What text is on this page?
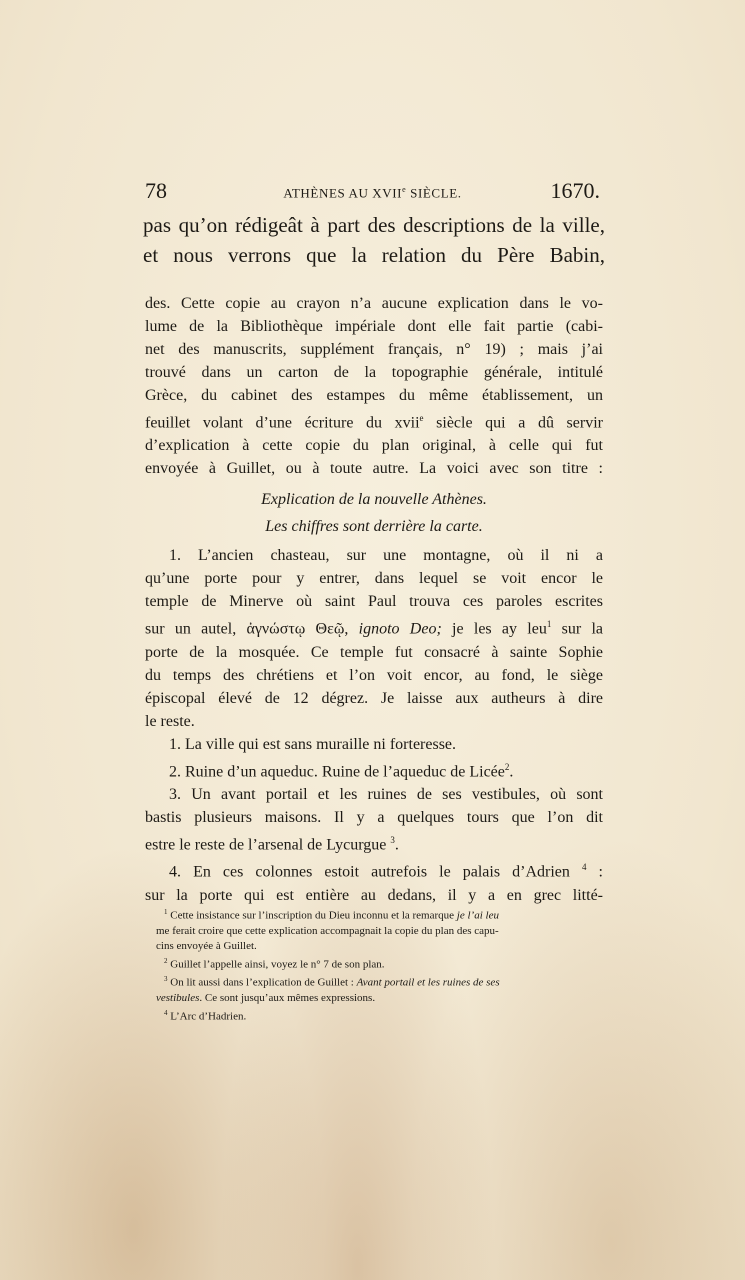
78	ATHÈNES AU XVIIe SIÈCLE.	1670.
pas qu’on rédigeât à part des descriptions de la ville,
et nous verrons que la relation du Père Babin,
des. Cette copie au crayon n’a aucune explication dans le vo-
lume de la Bibliothèque impériale dont elle fait partie (cabi-
net des manuscrits, supplément français, n° 19) ; mais j’ai
trouvé dans un carton de la topographie générale, intitulé
Grèce, du cabinet des estampes du même établissement, un
feuillet volant d’une écriture du xvii$^e$ siècle qui a dû servir
d’explication à cette copie du plan original, à celle qui fut
envoyée à Guillet, ou à toute autre. La voici avec son titre :
Explication de la nouvelle Athènes.
Les chiffres sont derrière la carte.
1. L’ancien chasteau, sur une montagne, où il ni a
qu’une porte pour y entrer, dans lequel se voit encor le
temple de Minerve où saint Paul trouva ces paroles escrites
sur un autel, ἀγνώστῳ Θεῷ, ignoto Deo; je les ay leu$^1$ sur la
porte de la mosquée. Ce temple fut consacré à sainte Sophie
du temps des chrétiens et l’on voit encor, au fond, le siège
épiscopal élevé de 12 dégrez. Je laisse aux autheurs à dire
le reste.
1. La ville qui est sans muraille ni forteresse.
2. Ruine d’un aqueduc. Ruine de l’aqueduc de Licée$^2$.
3. Un avant portail et les ruines de ses vestibules, où sont
bastis plusieurs maisons. Il y a quelques tours que l’on dit
estre le reste de l’arsenal de Lycurgue $^3$.
4. En ces colonnes estoit autrefois le palais d’Adrien $^4$ :
sur la porte qui est entière au dedans, il y a en grec litté-
$^1$ Cette insistance sur l’inscription du Dieu inconnu et la remarque je l’ai leu
me ferait croire que cette explication accompagnait la copie du plan des capu-
cins envoyée à Guillet.
$^2$ Guillet l’appelle ainsi, voyez le n° 7 de son plan.
$^3$ On lit aussi dans l’explication de Guillet : Avant portail et les ruines de ses
vestibules. Ce sont jusqu’aux mêmes expressions.
$^4$ L’Arc d’Hadrien.
